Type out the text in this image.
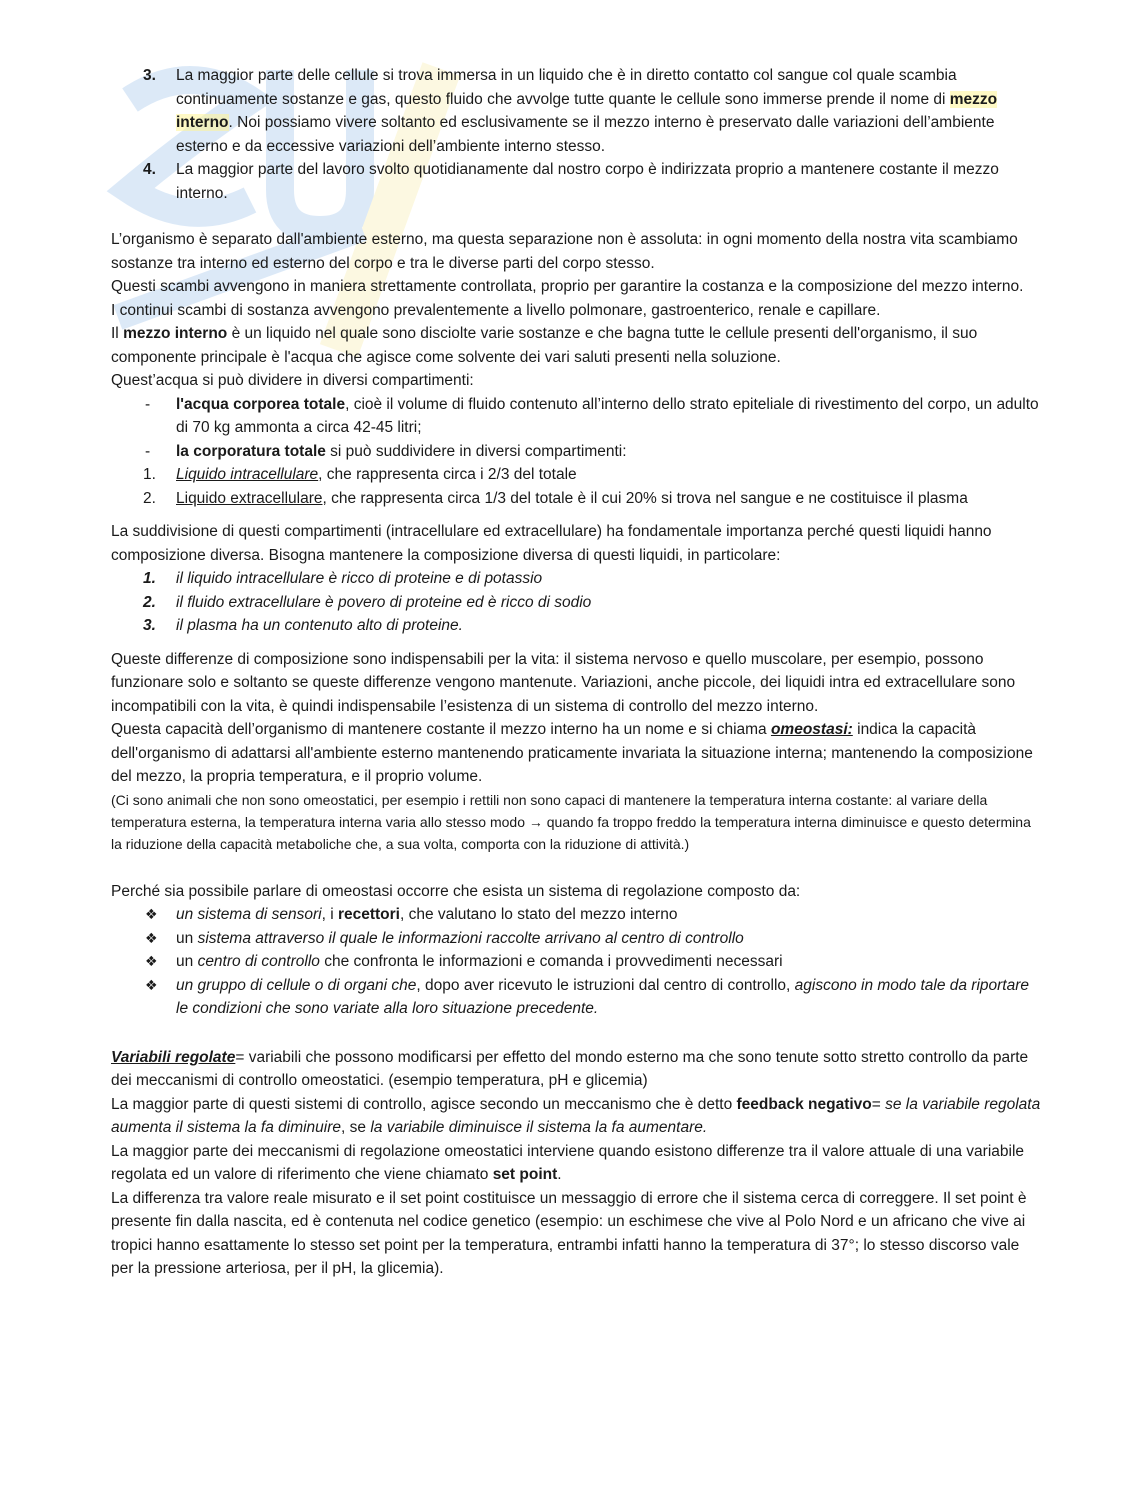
3. La maggior parte delle cellule si trova immersa in un liquido che è in diretto contatto col sangue col quale scambia continuamente sostanze e gas, questo fluido che avvolge tutte quante le cellule sono immerse prende il nome di mezzo interno. Noi possiamo vivere soltanto ed esclusivamente se il mezzo interno è preservato dalle variazioni dell’ambiente esterno e da eccessive variazioni dell’ambiente interno stesso.
4. La maggior parte del lavoro svolto quotidianamente dal nostro corpo è indirizzata proprio a mantenere costante il mezzo interno.

L’organismo è separato dall'ambiente esterno, ma questa separazione non è assoluta: in ogni momento della nostra vita scambiamo sostanze tra interno ed esterno del corpo e tra le diverse parti del corpo stesso.

Questi scambi avvengono in maniera strettamente controllata, proprio per garantire la costanza e la composizione del mezzo interno.

I continui scambi di sostanza avvengono prevalentemente a livello polmonare, gastroenterico, renale e capillare.

Il mezzo interno è un liquido nel quale sono disciolte varie sostanze e che bagna tutte le cellule presenti dell'organismo, il suo componente principale è l'acqua che agisce come solvente dei vari saluti presenti nella soluzione.

Quest’acqua si può dividere in diversi compartimenti:

- l'acqua corporea totale, cioè il volume di fluido contenuto all’interno dello strato epiteliale di rivestimento del corpo, un adulto di 70 kg ammonta a circa 42-45 litri;
- la corporatura totale si può suddividere in diversi compartimenti:
1. Liquido intracellulare, che rappresenta circa i 2/3 del totale
2. Liquido extracellulare, che rappresenta circa 1/3 del totale è il cui 20% si trova nel sangue e ne costituisce il plasma

La suddivisione di questi compartimenti (intracellulare ed extracellulare) ha fondamentale importanza perché questi liquidi hanno composizione diversa. Bisogna mantenere la composizione diversa di questi liquidi, in particolare:

1. il liquido intracellulare è ricco di proteine e di potassio
2. il fluido extracellulare è povero di proteine ed è ricco di sodio
3. il plasma ha un contenuto alto di proteine.

Queste differenze di composizione sono indispensabili per la vita: il sistema nervoso e quello muscolare, per esempio, possono funzionare solo e soltanto se queste differenze vengono mantenute. Variazioni, anche piccole, dei liquidi intra ed extracellulare sono incompatibili con la vita, è quindi indispensabile l’esistenza di un sistema di controllo del mezzo interno.

Questa capacità dell’organismo di mantenere costante il mezzo interno ha un nome e si chiama omeostasi: indica la capacità dell'organismo di adattarsi all'ambiente esterno mantenendo praticamente invariata la situazione interna; mantenendo la composizione del mezzo, la propria temperatura, e il proprio volume.

(Ci sono animali che non sono omeostatici, per esempio i rettili non sono capaci di mantenere la temperatura interna costante: al variare della temperatura esterna, la temperatura interna varia allo stesso modo → quando fa troppo freddo la temperatura interna diminuisce e questo determina la riduzione della capacità metaboliche che, a sua volta, comporta con la riduzione di attività.)

Perché sia possibile parlare di omeostasi occorre che esista un sistema di regolazione composto da:

❖ un sistema di sensori, i recettori, che valutano lo stato del mezzo interno
❖ un sistema attraverso il quale le informazioni raccolte arrivano al centro di controllo
❖ un centro di controllo che confronta le informazioni e comanda i provvedimenti necessari
❖ un gruppo di cellule o di organi che, dopo aver ricevuto le istruzioni dal centro di controllo, agiscono in modo tale da riportare le condizioni che sono variate alla loro situazione precedente.

Variabili regolate= variabili che possono modificarsi per effetto del mondo esterno ma che sono tenute sotto stretto controllo da parte dei meccanismi di controllo omeostatici. (esempio temperatura, pH e glicemia)

La maggior parte di questi sistemi di controllo, agisce secondo un meccanismo che è detto feedback negativo= se la variabile regolata aumenta il sistema la fa diminuire, se la variabile diminuisce il sistema la fa aumentare.

La maggior parte dei meccanismi di regolazione omeostatici interviene quando esistono differenze tra il valore attuale di una variabile regolata ed un valore di riferimento che viene chiamato set point.

La differenza tra valore reale misurato e il set point costituisce un messaggio di errore che il sistema cerca di correggere. Il set point è presente fin dalla nascita, ed è contenuta nel codice genetico (esempio: un eschimese che vive al Polo Nord e un africano che vive ai tropici hanno esattamente lo stesso set point per la temperatura, entrambi infatti hanno la temperatura di 37°; lo stesso discorso vale per la pressione arteriosa, per il pH, la glicemia).
